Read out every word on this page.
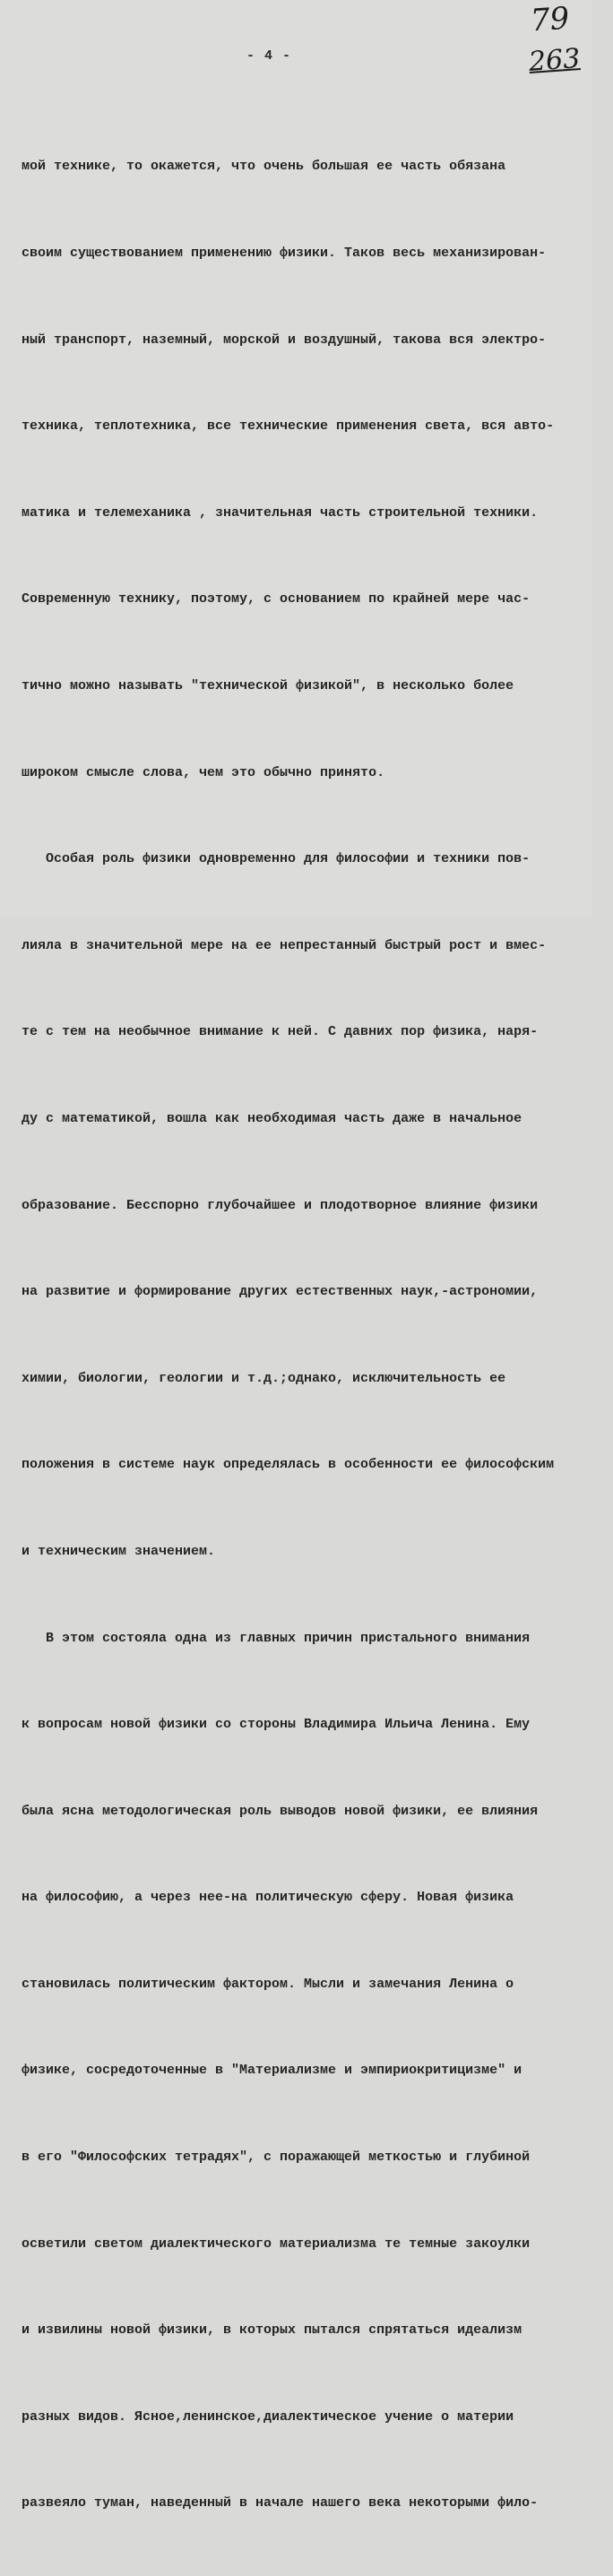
79
263
- 4 -

мой технике, то окажется, что очень большая ее часть обязана

своим существованием применению физики. Таков весь механизирован-

ный транспорт, наземный, морской и воздушный, такова вся электро-

техника, теплотехника, все технические применения света, вся авто-

матика и телемеханика , значительная часть строительной техники.

Современную технику, поэтому, с основанием по крайней мере час-

тично можно называть "технической физикой", в несколько более

широком смысле слова, чем это обычно принято.

Особая роль физики одновременно для философии и техники пов-

лияла в значительной мере на ее непрестанный быстрый рост и вмес-

те с тем на необычное внимание к ней. С давних пор физика, наря-

ду с математикой, вошла как необходимая часть даже в начальное

образование. Бесспорно глубочайшее и плодотворное влияние физики

на развитие и формирование других естественных наук,-астрономии,

химии, биологии, геологии и т.д.;однако, исключительность ее

положения в системе наук определялась в особенности ее философским

и техническим значением.

В этом состояла одна из главных причин пристального внимания

к вопросам новой физики со стороны Владимира Ильича Ленина. Ему

была ясна методологическая роль выводов новой физики, ее влияния

на философию, а через нее-на политическую сферу. Новая физика

становилась политическим фактором. Мысли и замечания Ленина о

физике, сосредоточенные в "Материализме и эмпириокритицизме" и

в его "Философских тетрадях", с поражающей меткостью и глубиной

осветили светом диалектического материализма те темные закоулки

и извилины новой физики, в которых пытался спрятаться идеализм

разных видов. Ясное,ленинское,диалектическое учение о материи

развеяло туман, наведенный в начале нашего века некоторыми фило-
